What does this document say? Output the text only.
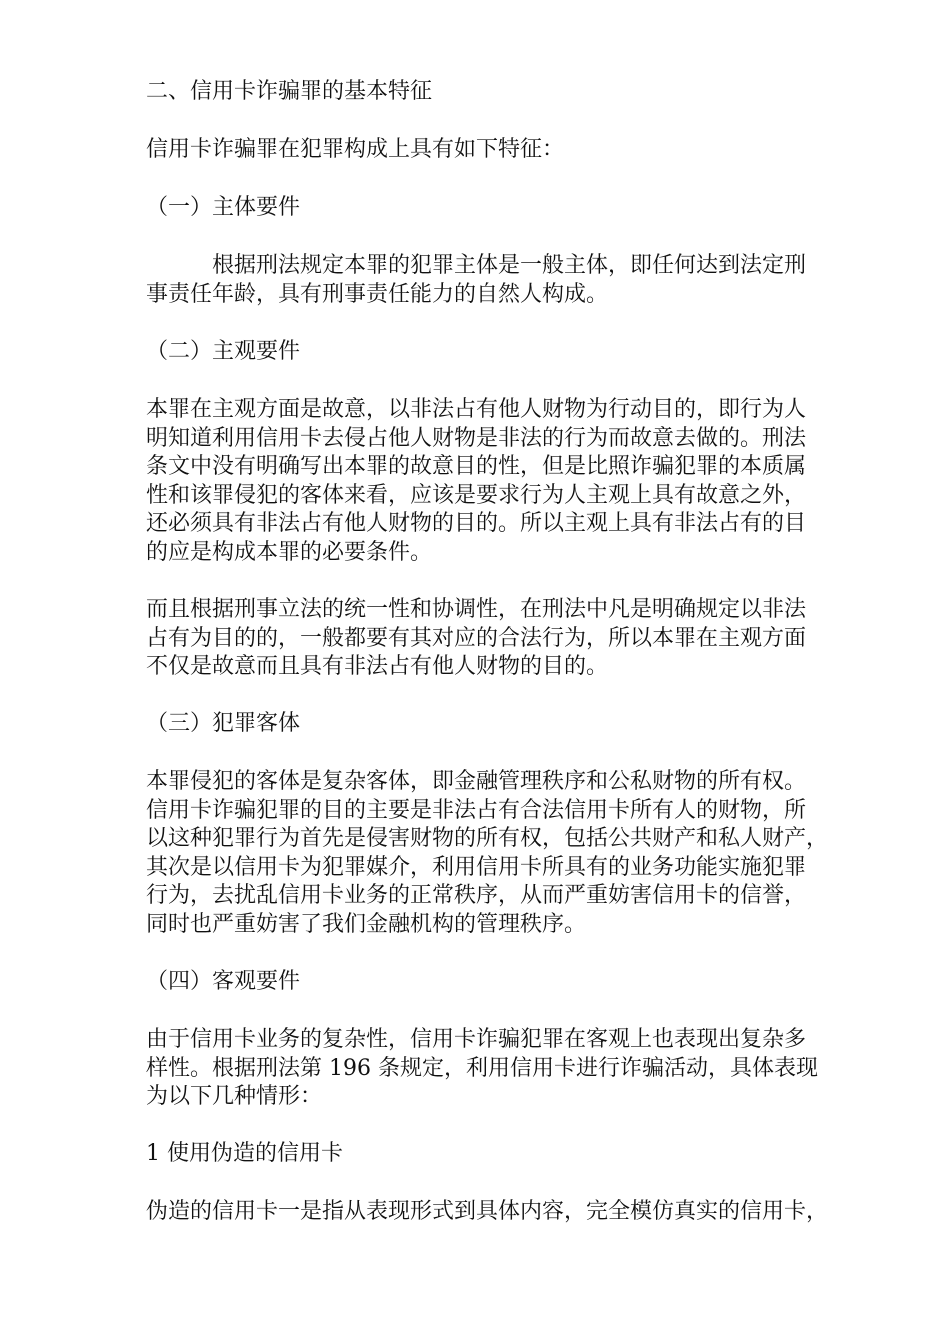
二、信用卡诈骗罪的基本特征
信用卡诈骗罪在犯罪构成上具有如下特征：
（一）主体要件
　　　根据刑法规定本罪的犯罪主体是一般主体，即任何达到法定刑
事责任年龄，具有刑事责任能力的自然人构成。
（二）主观要件
本罪在主观方面是故意，以非法占有他人财物为行动目的，即行为人
明知道利用信用卡去侵占他人财物是非法的行为而故意去做的。刑法
条文中没有明确写出本罪的故意目的性，但是比照诈骗犯罪的本质属
性和该罪侵犯的客体来看，应该是要求行为人主观上具有故意之外，
还必须具有非法占有他人财物的目的。所以主观上具有非法占有的目
的应是构成本罪的必要条件。
而且根据刑事立法的统一性和协调性，在刑法中凡是明确规定以非法
占有为目的的，一般都要有其对应的合法行为，所以本罪在主观方面
不仅是故意而且具有非法占有他人财物的目的。
（三）犯罪客体
本罪侵犯的客体是复杂客体，即金融管理秩序和公私财物的所有权。
信用卡诈骗犯罪的目的主要是非法占有合法信用卡所有人的财物，所
以这种犯罪行为首先是侵害财物的所有权，包括公共财产和私人财产，
其次是以信用卡为犯罪媒介，利用信用卡所具有的业务功能实施犯罪
行为，去扰乱信用卡业务的正常秩序，从而严重妨害信用卡的信誉，
同时也严重妨害了我们金融机构的管理秩序。
（四）客观要件
由于信用卡业务的复杂性，信用卡诈骗犯罪在客观上也表现出复杂多
样性。根据刑法第 196 条规定，利用信用卡进行诈骗活动，具体表现
为以下几种情形：
1 使用伪造的信用卡
伪造的信用卡一是指从表现形式到具体内容，完全模仿真实的信用卡，
